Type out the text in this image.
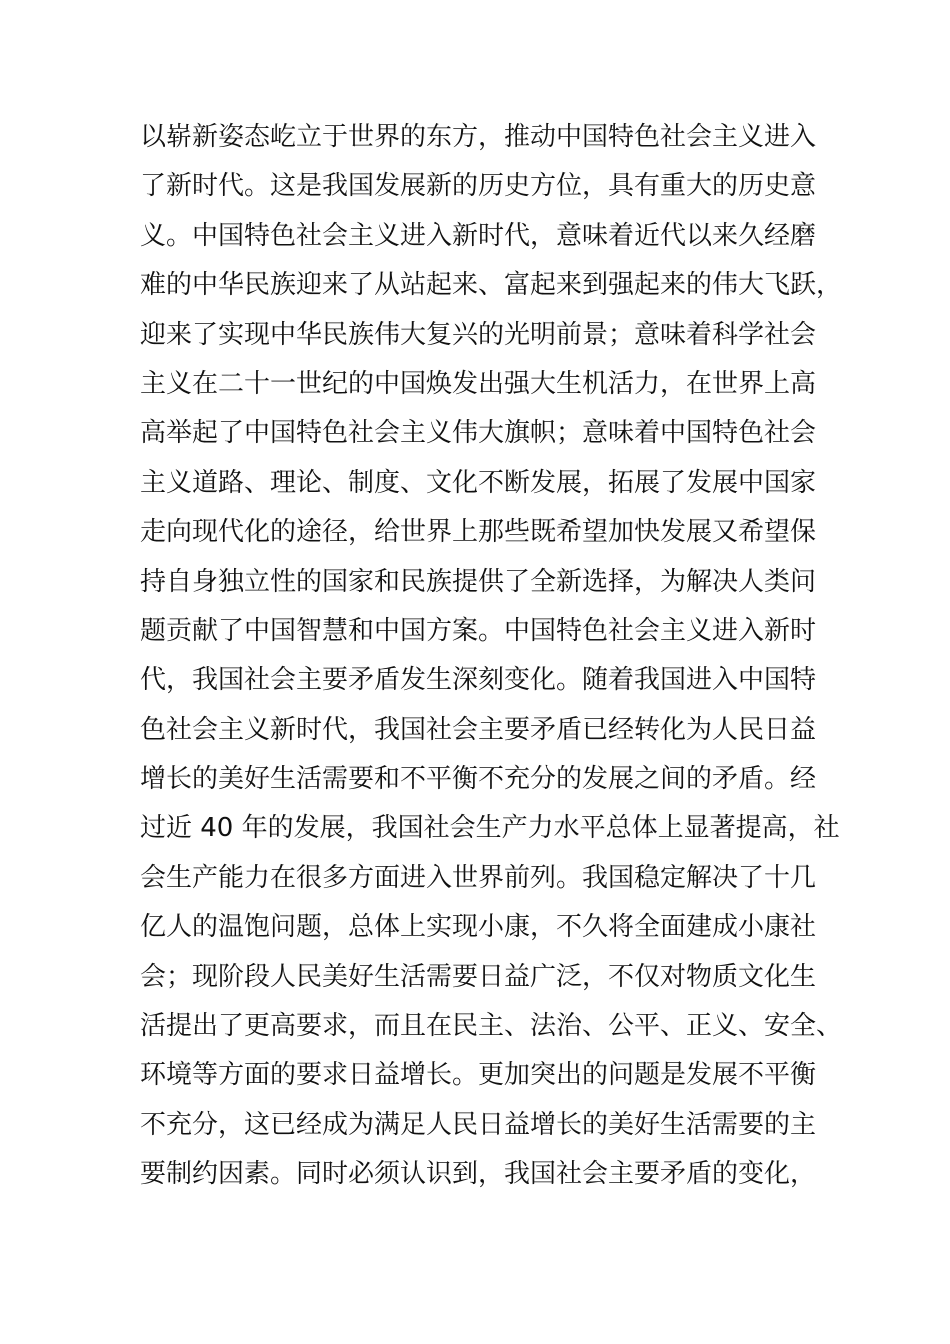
以崭新姿态屹立于世界的东方，推动中国特色社会主义进入
了新时代。这是我国发展新的历史方位，具有重大的历史意
义。中国特色社会主义进入新时代，意味着近代以来久经磨
难的中华民族迎来了从站起来、富起来到强起来的伟大飞跃，
迎来了实现中华民族伟大复兴的光明前景；意味着科学社会
主义在二十一世纪的中国焕发出强大生机活力，在世界上高
高举起了中国特色社会主义伟大旗帜；意味着中国特色社会
主义道路、理论、制度、文化不断发展，拓展了发展中国家
走向现代化的途径，给世界上那些既希望加快发展又希望保
持自身独立性的国家和民族提供了全新选择，为解决人类问
题贡献了中国智慧和中国方案。中国特色社会主义进入新时
代，我国社会主要矛盾发生深刻变化。随着我国进入中国特
色社会主义新时代，我国社会主要矛盾已经转化为人民日益
增长的美好生活需要和不平衡不充分的发展之间的矛盾。经
过近 40 年的发展，我国社会生产力水平总体上显著提高，社
会生产能力在很多方面进入世界前列。我国稳定解决了十几
亿人的温饱问题，总体上实现小康，不久将全面建成小康社
会；现阶段人民美好生活需要日益广泛，不仅对物质文化生
活提出了更高要求，而且在民主、法治、公平、正义、安全、
环境等方面的要求日益增长。更加突出的问题是发展不平衡
不充分，这已经成为满足人民日益增长的美好生活需要的主
要制约因素。同时必须认识到，我国社会主要矛盾的变化，
